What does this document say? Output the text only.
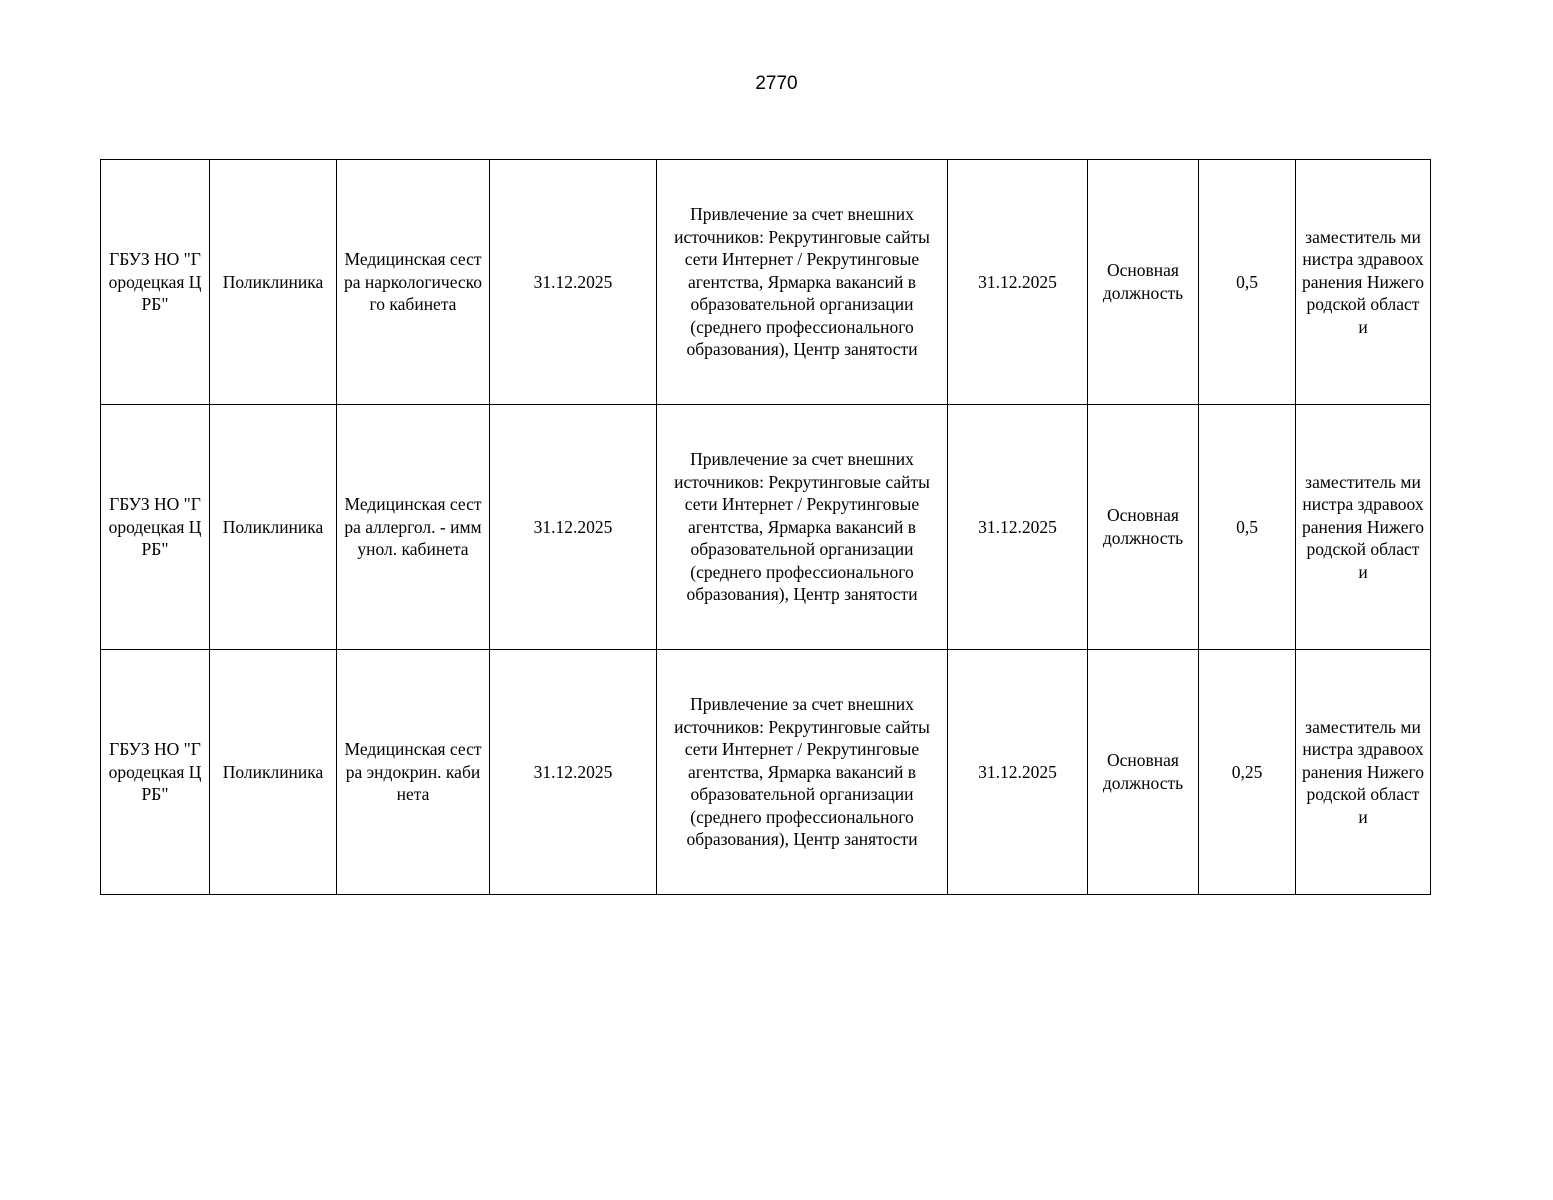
2770
ГБУЗ НО "Городецкая ЦРБ"	Поликлиника	Медицинская сестра наркологического кабинета	31.12.2025	Привлечение за счет внешних источников: Рекрутинговые сайты сети Интернет / Рекрутинговые агентства, Ярмарка вакансий в образовательной организации (среднего профессионального образования), Центр занятости	31.12.2025	Основная должность	0,5	заместитель министра здравоохранения Нижегородской области
ГБУЗ НО "Городецкая ЦРБ"	Поликлиника	Медицинская сестра аллергол. - иммунол. кабинета	31.12.2025	Привлечение за счет внешних источников: Рекрутинговые сайты сети Интернет / Рекрутинговые агентства, Ярмарка вакансий в образовательной организации (среднего профессионального образования), Центр занятости	31.12.2025	Основная должность	0,5	заместитель министра здравоохранения Нижегородской области
ГБУЗ НО "Городецкая ЦРБ"	Поликлиника	Медицинская сестра эндокрин. кабинета	31.12.2025	Привлечение за счет внешних источников: Рекрутинговые сайты сети Интернет / Рекрутинговые агентства, Ярмарка вакансий в образовательной организации (среднего профессионального образования), Центр занятости	31.12.2025	Основная должность	0,25	заместитель министра здравоохранения Нижегородской области
